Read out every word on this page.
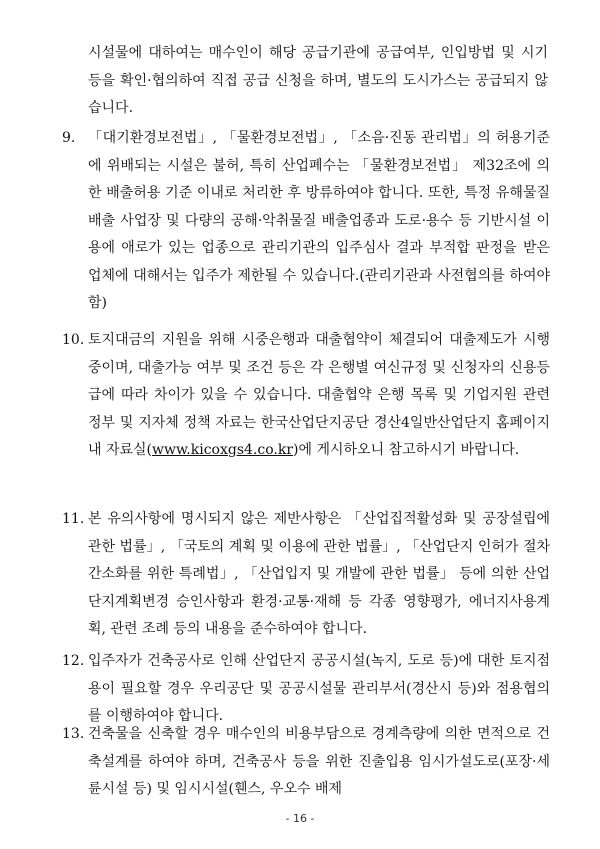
시설물에 대하여는 매수인이 해당 공급기관에 공급여부, 인입방법 및 시기 등을 확인·협의하여 직접 공급 신청을 하며, 별도의 도시가스는 공급되지 않습니다.

9. 「대기환경보전법」, 「물환경보전법」, 「소음·진동 관리법」의 허용기준에 위배되는 시설은 불허, 특히 산업폐수는 「물환경보전법」 제32조에 의한 배출허용 기준 이내로 처리한 후 방류하여야 합니다. 또한, 특정 유해물질 배출 사업장 및 다량의 공해·악취물질 배출업종과 도로·용수 등 기반시설 이용에 애로가 있는 업종으로 관리기관의 입주심사 결과 부적합 판정을 받은 업체에 대해서는 입주가 제한될 수 있습니다.(관리기관과 사전협의를 하여야 함)
10. 토지대금의 지원을 위해 시중은행과 대출협약이 체결되어 대출제도가 시행 중이며, 대출가능 여부 및 조건 등은 각 은행별 여신규정 및 신청자의 신용등급에 따라 차이가 있을 수 있습니다. 대출협약 은행 목록 및 기업지원 관련 정부 및 지자체 정책 자료는 한국산업단지공단 경산4일반산업단지 홈페이지내 자료실(www.kicoxgs4.co.kr)에 게시하오니 참고하시기 바랍니다.
11. 본 유의사항에 명시되지 않은 제반사항은 「산업집적활성화 및 공장설립에 관한 법률」, 「국토의 계획 및 이용에 관한 법률」, 「산업단지 인허가 절차 간소화를 위한 특례법」, 「산업입지 및 개발에 관한 법률」 등에 의한 산업단지계획변경 승인사항과 환경·교통·재해 등 각종 영향평가, 에너지사용계획, 관련 조례 등의 내용을 준수하여야 합니다.
12. 입주자가 건축공사로 인해 산업단지 공공시설(녹지, 도로 등)에 대한 토지점용이 필요할 경우 우리공단 및 공공시설물 관리부서(경산시 등)와 점용협의를 이행하여야 합니다.
13. 건축물을 신축할 경우 매수인의 비용부담으로 경계측량에 의한 면적으로 건축설계를 하여야 하며, 건축공사 등을 위한 진출입용 임시가설도로(포장·세륜시설 등) 및 임시시설(휀스, 우오수 배제
- 16 -
